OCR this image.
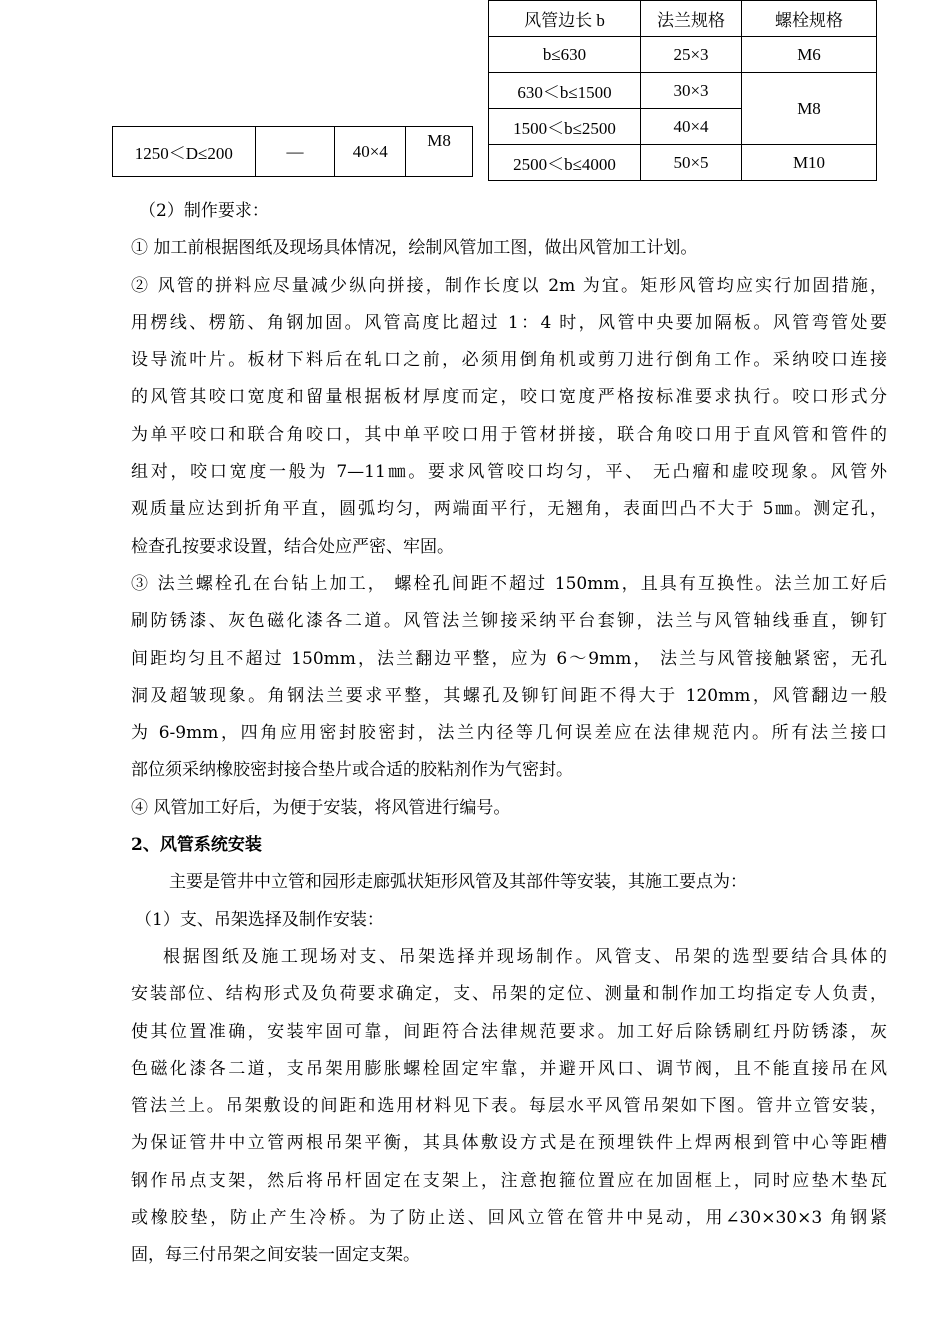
1250＜D≤200	—	40×4	M8
风管边长 b	法兰规格	螺栓规格
b≤630	25×3	M6
630＜b≤1500	30×3	M8
1500＜b≤2500	40×4	
2500＜b≤4000	50×5	M10
（2）制作要求：
① 加工前根据图纸及现场具体情况，绘制风管加工图，做出风管加工计划。
② 风管的拼料应尽量减少纵向拼接，制作长度以 2m 为宜。矩形风管均应实行加固措施，
用楞线、楞筋、角钢加固。风管高度比超过 1：4 时，风管中央要加隔板。风管弯管处要
设导流叶片。板材下料后在轧口之前，必须用倒角机或剪刀进行倒角工作。采纳咬口连接
的风管其咬口宽度和留量根据板材厚度而定，咬口宽度严格按标准要求执行。咬口形式分
为单平咬口和联合角咬口，其中单平咬口用于管材拼接，联合角咬口用于直风管和管件的
组对，咬口宽度一般为 7—11㎜。要求风管咬口均匀，平、 无凸瘤和虚咬现象。风管外
观质量应达到折角平直，圆弧均匀，两端面平行，无翘角，表面凹凸不大于 5㎜。测定孔，
检查孔按要求设置，结合处应严密、牢固。
③ 法兰螺栓孔在台钻上加工， 螺栓孔间距不超过 150mm，且具有互换性。法兰加工好后
刷防锈漆、灰色磁化漆各二道。风管法兰铆接采纳平台套铆，法兰与风管轴线垂直，铆钉
间距均匀且不超过 150mm，法兰翻边平整，应为 6～9mm， 法兰与风管接触紧密，无孔
洞及超皱现象。角钢法兰要求平整，其螺孔及铆钉间距不得大于 120mm，风管翻边一般
为 6-9mm，四角应用密封胶密封，法兰内径等几何误差应在法律规范内。所有法兰接口
部位须采纳橡胶密封接合垫片或合适的胶粘剂作为气密封。
④ 风管加工好后，为便于安装，将风管进行编号。
2、风管系统安装
主要是管井中立管和园形走廊弧状矩形风管及其部件等安装，其施工要点为：
（1）支、吊架选择及制作安装：
根据图纸及施工现场对支、吊架选择并现场制作。风管支、吊架的选型要结合具体的
安装部位、结构形式及负荷要求确定，支、吊架的定位、测量和制作加工均指定专人负责，
使其位置准确，安装牢固可靠，间距符合法律规范要求。加工好后除锈刷红丹防锈漆，灰
色磁化漆各二道，支吊架用膨胀螺栓固定牢靠，并避开风口、调节阀，且不能直接吊在风
管法兰上。吊架敷设的间距和选用材料见下表。每层水平风管吊架如下图。管井立管安装，
为保证管井中立管两根吊架平衡，其具体敷设方式是在预埋铁件上焊两根到管中心等距槽
钢作吊点支架，然后将吊杆固定在支架上，注意抱箍位置应在加固框上，同时应垫木垫瓦
或橡胶垫，防止产生冷桥。为了防止送、回风立管在管井中晃动，用∠30×30×3 角钢紧
固，每三付吊架之间安装一固定支架。
